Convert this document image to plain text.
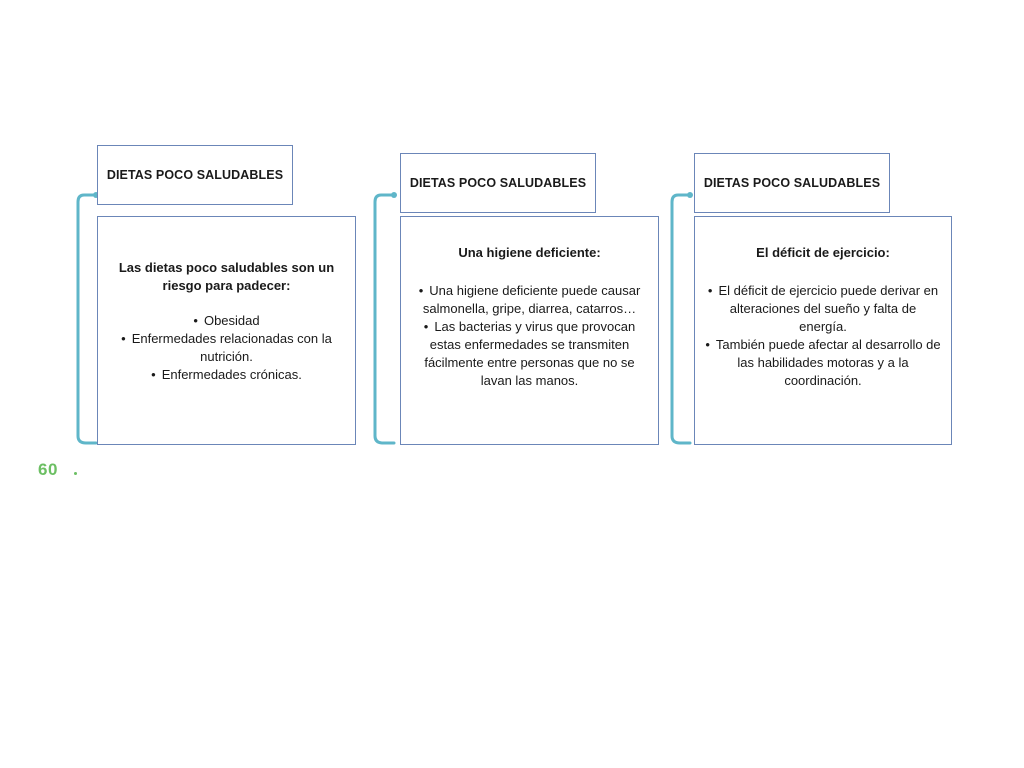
DIETAS POCO SALUDABLES

Las dietas poco saludables son un riesgo para padecer:

• Obesidad
• Enfermedades relacionadas con la nutrición.
• Enfermedades crónicas.
DIETAS POCO SALUDABLES

Una higiene deficiente:

• Una higiene deficiente puede causar salmonella, gripe, diarrea, catarros…
• Las bacterias y virus que provocan estas enfermedades se transmiten fácilmente entre personas que no se lavan las manos.
DIETAS POCO SALUDABLES

El déficit de ejercicio:

• El déficit de ejercicio puede derivar en alteraciones del sueño y falta de energía.
• También puede afectar al desarrollo de las habilidades motoras y a la coordinación.
60
